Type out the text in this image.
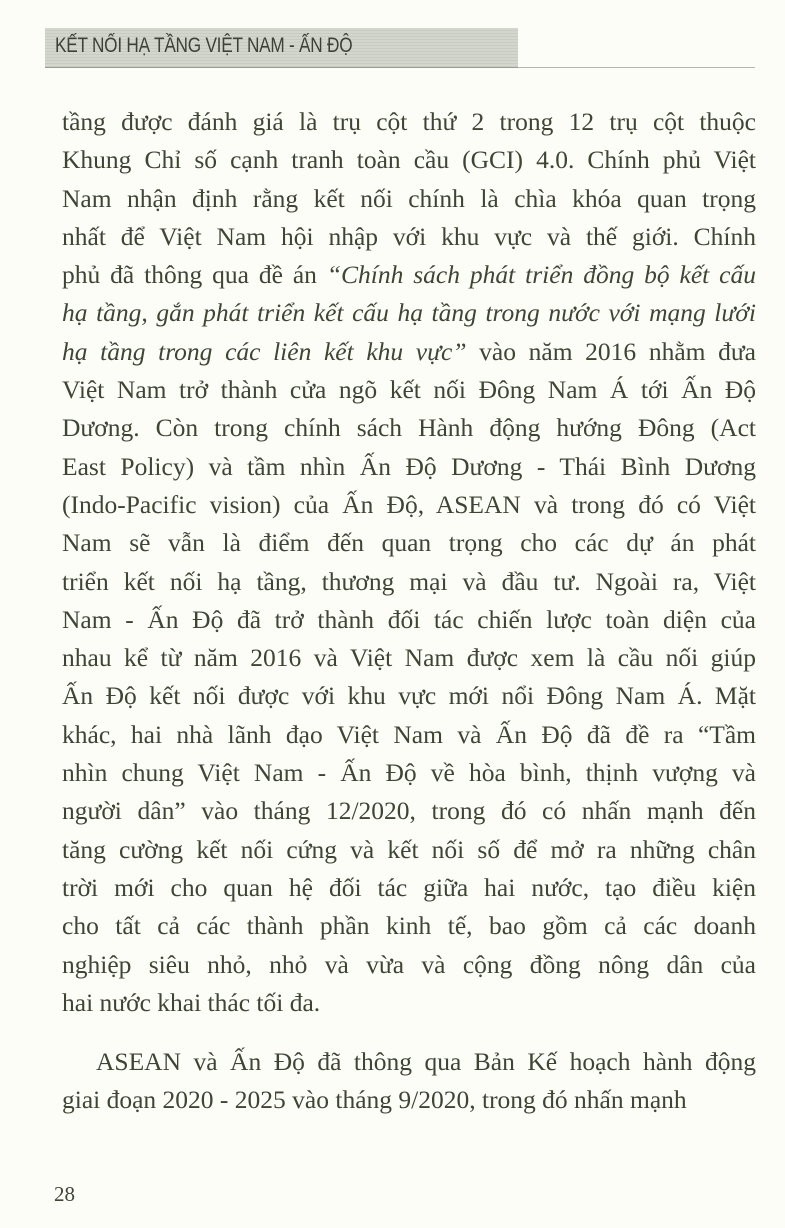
KẾT NỐI HẠ TẦNG VIỆT NAM - ẤN ĐỘ
tầng được đánh giá là trụ cột thứ 2 trong 12 trụ cột thuộc
Khung Chỉ số cạnh tranh toàn cầu (GCI) 4.0. Chính phủ Việt
Nam nhận định rằng kết nối chính là chìa khóa quan trọng
nhất để Việt Nam hội nhập với khu vực và thế giới. Chính
phủ đã thông qua đề án “Chính sách phát triển đồng bộ kết cấu
hạ tầng, gắn phát triển kết cấu hạ tầng trong nước với mạng lưới
hạ tầng trong các liên kết khu vực” vào năm 2016 nhằm đưa
Việt Nam trở thành cửa ngõ kết nối Đông Nam Á tới Ấn Độ
Dương. Còn trong chính sách Hành động hướng Đông (Act
East Policy) và tầm nhìn Ấn Độ Dương - Thái Bình Dương
(Indo-Pacific vision) của Ấn Độ, ASEAN và trong đó có Việt
Nam sẽ vẫn là điểm đến quan trọng cho các dự án phát
triển kết nối hạ tầng, thương mại và đầu tư. Ngoài ra, Việt
Nam - Ấn Độ đã trở thành đối tác chiến lược toàn diện của
nhau kể từ năm 2016 và Việt Nam được xem là cầu nối giúp
Ấn Độ kết nối được với khu vực mới nổi Đông Nam Á. Mặt
khác, hai nhà lãnh đạo Việt Nam và Ấn Độ đã đề ra “Tầm
nhìn chung Việt Nam - Ấn Độ về hòa bình, thịnh vượng và
người dân” vào tháng 12/2020, trong đó có nhấn mạnh đến
tăng cường kết nối cứng và kết nối số để mở ra những chân
trời mới cho quan hệ đối tác giữa hai nước, tạo điều kiện
cho tất cả các thành phần kinh tế, bao gồm cả các doanh
nghiệp siêu nhỏ, nhỏ và vừa và cộng đồng nông dân của
hai nước khai thác tối đa.
ASEAN và Ấn Độ đã thông qua Bản Kế hoạch hành động
giai đoạn 2020 - 2025 vào tháng 9/2020, trong đó nhấn mạnh
28
